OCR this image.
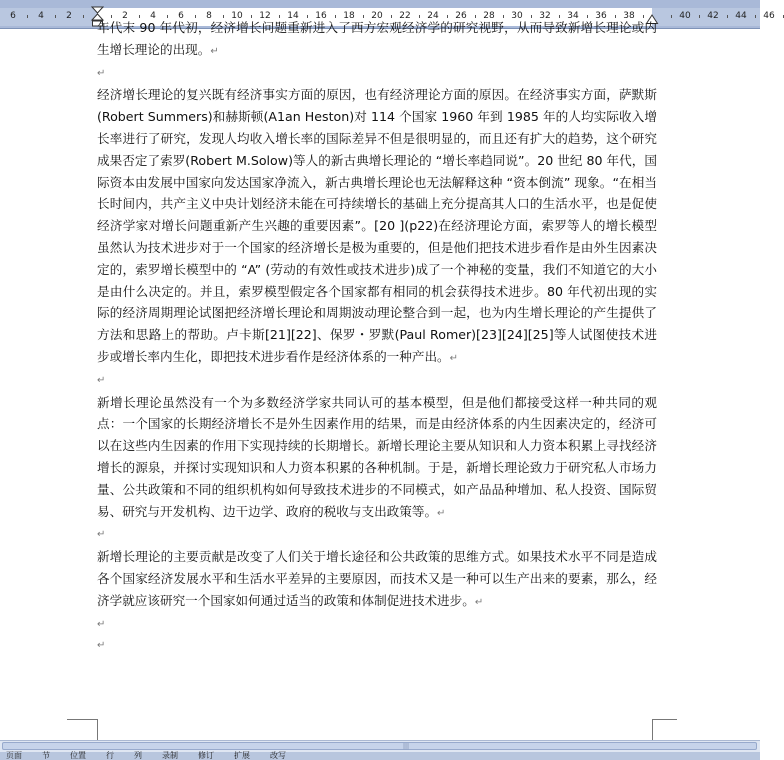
6 4 2	2 4 6 8 10 12 14 16 18 20 22 24 26 28 30 32 34 36 38	40 42 44 46

年代末 90 年代初，经济增长问题重新进入了西方宏观经济学的研究视野，从而导致新增长理论或内生增长理论的出现。↵

↵

经济增长理论的复兴既有经济事实方面的原因，也有经济理论方面的原因。在经济事实方面，萨默斯(Robert Summers)和赫斯顿(A1an Heston)对 114 个国家 1960 年到 1985 年的人均实际收入增长率进行了研究，发现人均收入增长率的国际差异不但是很明显的，而且还有扩大的趋势，这个研究成果否定了索罗(Robert M.Solow)等人的新古典增长理论的 “增长率趋同说”。20 世纪 80 年代，国际资本由发展中国家向发达国家净流入，新古典增长理论也无法解释这种 “资本倒流” 现象。“在相当长时间内，共产主义中央计划经济未能在可持续增长的基础上充分提高其人口的生活水平，也是促使经济学家对增长问题重新产生兴趣的重要因素”。[20 ](p22)在经济理论方面，索罗等人的增长模型虽然认为技术进步对于一个国家的经济增长是极为重要的，但是他们把技术进步看作是由外生因素决定的，索罗增长模型中的 “A” (劳动的有效性或技术进步)成了一个神秘的变量，我们不知道它的大小是由什么决定的。并且，索罗模型假定各个国家都有相同的机会获得技术进步。80 年代初出现的实际的经济周期理论试图把经济增长理论和周期波动理论整合到一起，也为内生增长理论的产生提供了方法和思路上的帮助。卢卡斯[21][22]、保罗・罗默(Paul Romer)[23][24][25]等人试图使技术进步或增长率内生化，即把技术进步看作是经济体系的一种产出。↵

↵

新增长理论虽然没有一个为多数经济学家共同认可的基本模型，但是他们都接受这样一种共同的观点：一个国家的长期经济增长不是外生因素作用的结果，而是由经济体系的内生因素决定的，经济可以在这些内生因素的作用下实现持续的长期增长。新增长理论主要从知识和人力资本积累上寻找经济增长的源泉，并探讨实现知识和人力资本积累的各种机制。于是，新增长理论致力于研究私人市场力量、公共政策和不同的组织机构如何导致技术进步的不同模式，如产品品种增加、私人投资、国际贸易、研究与开发机构、边干边学、政府的税收与支出政策等。↵

↵

新增长理论的主要贡献是改变了人们关于增长途径和公共政策的思维方式。如果技术水平不同是造成各个国家经济发展水平和生活水平差异的主要原因，而技术又是一种可以生产出来的要素，那么，经济学就应该研究一个国家如何通过适当的政策和体制促进技术进步。↵

↵
↵
|||
页面	节	位置	行	列	录制	修订	扩展	改写
